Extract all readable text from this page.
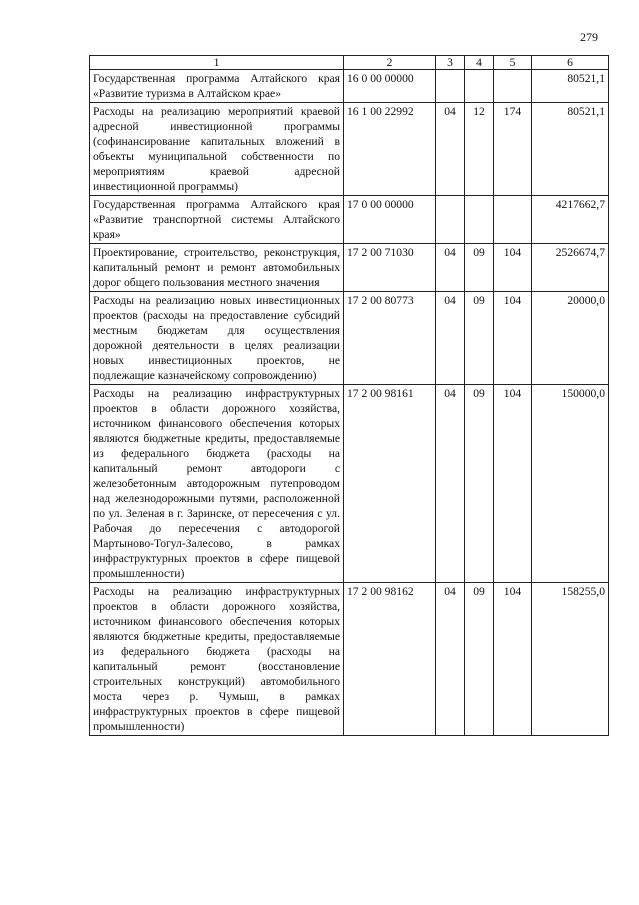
279
1	2	3	4	5	6
Государственная программа Алтайского края «Развитие туризма в Алтайском крае»	16 0 00 00000				80521,1
Расходы на реализацию мероприятий краевой адресной инвестиционной программы (софинансирование капитальных вложений в объекты муниципальной собственности по мероприятиям краевой адресной инвестиционной программы)	16 1 00 22992	04	12	174	80521,1
Государственная программа Алтайского края «Развитие транспортной системы Алтайского края»	17 0 00 00000				4217662,7
Проектирование, строительство, реконструкция, капитальный ремонт и ремонт автомобильных дорог общего пользования местного значения	17 2 00 71030	04	09	104	2526674,7
Расходы на реализацию новых инвестиционных проектов (расходы на предоставление субсидий местным бюджетам для осуществления дорожной деятельности в целях реализации новых инвестиционных проектов, не подлежащие казначейскому сопровождению)	17 2 00 80773	04	09	104	20000,0
Расходы на реализацию инфраструктурных проектов в области дорожного хозяйства, источником финансового обеспечения которых являются бюджетные кредиты, предоставляемые из федерального бюджета (расходы на капитальный ремонт автодороги с железобетонным автодорожным путепроводом над железнодорожными путями, расположенной по ул. Зеленая в г. Заринске, от пересечения с ул. Рабочая до пересечения с автодорогой Мартыново-Тогул-Залесово, в рамках инфраструктурных проектов в сфере пищевой промышленности)	17 2 00 98161	04	09	104	150000,0
Расходы на реализацию инфраструктурных проектов в области дорожного хозяйства, источником финансового обеспечения которых являются бюджетные кредиты, предоставляемые из федерального бюджета (расходы на капитальный ремонт (восстановление строительных конструкций) автомобильного моста через р. Чумыш, в рамках инфраструктурных проектов в сфере пищевой промышленности)	17 2 00 98162	04	09	104	158255,0
